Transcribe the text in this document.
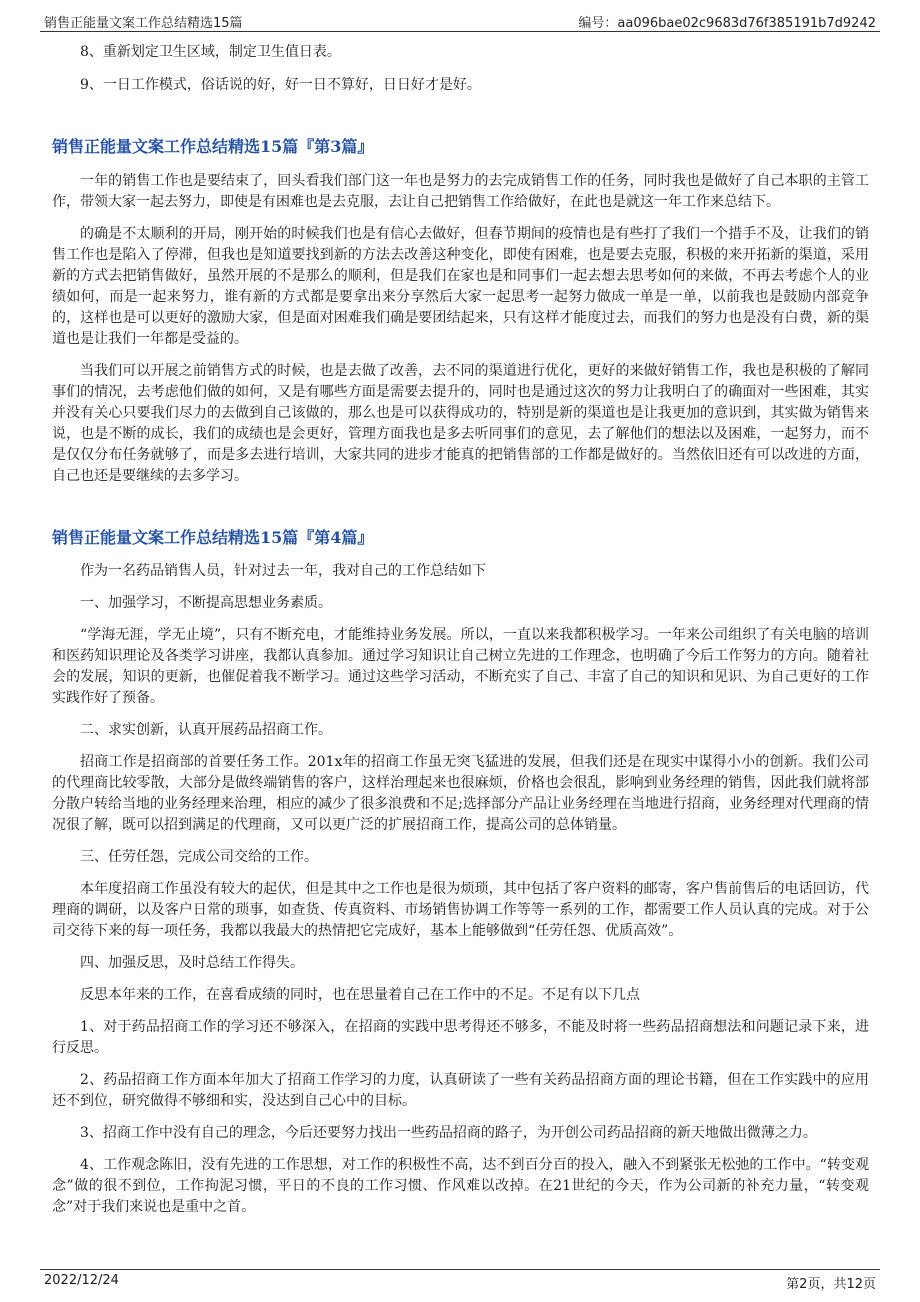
销售正能量文案工作总结精选15篇	编号：aa096bae02c9683d76f385191b7d9242

8、重新划定卫生区域，制定卫生值日表。

9、一日工作模式，俗话说的好，好一日不算好，日日好才是好。

销售正能量文案工作总结精选15篇『第3篇』

一年的销售工作也是要结束了，回头看我们部门这一年也是努力的去完成销售工作的任务，同时我也是做好了自己本职的主管工作，带领大家一起去努力，即使是有困难也是去克服，去让自己把销售工作给做好，在此也是就这一年工作来总结下。

的确是不太顺利的开局，刚开始的时候我们也是有信心去做好，但春节期间的疫情也是有些打了我们一个措手不及，让我们的销售工作也是陷入了停滞，但我也是知道要找到新的方法去改善这种变化，即使有困难，也是要去克服，积极的来开拓新的渠道，采用新的方式去把销售做好，虽然开展的不是那么的顺利，但是我们在家也是和同事们一起去想去思考如何的来做，不再去考虑个人的业绩如何，而是一起来努力，谁有新的方式都是要拿出来分享然后大家一起思考一起努力做成一单是一单，以前我也是鼓励内部竞争的，这样也是可以更好的激励大家，但是面对困难我们确是要团结起来，只有这样才能度过去，而我们的努力也是没有白费，新的渠道也是让我们一年都是受益的。

当我们可以开展之前销售方式的时候，也是去做了改善，去不同的渠道进行优化，更好的来做好销售工作，我也是积极的了解同事们的情况，去考虑他们做的如何，又是有哪些方面是需要去提升的，同时也是通过这次的努力让我明白了的确面对一些困难，其实并没有关心只要我们尽力的去做到自己该做的，那么也是可以获得成功的，特别是新的渠道也是让我更加的意识到，其实做为销售来说，也是不断的成长，我们的成绩也是会更好，管理方面我也是多去听同事们的意见，去了解他们的想法以及困难，一起努力，而不是仅仅分布任务就够了，而是多去进行培训，大家共同的进步才能真的把销售部的工作都是做好的。当然依旧还有可以改进的方面，自己也还是要继续的去多学习。

销售正能量文案工作总结精选15篇『第4篇』

作为一名药品销售人员，针对过去一年，我对自己的工作总结如下

一、加强学习，不断提高思想业务素质。

“学海无涯，学无止境”，只有不断充电，才能维持业务发展。所以，一直以来我都积极学习。一年来公司组织了有关电脑的培训和医药知识理论及各类学习讲座，我都认真参加。通过学习知识让自己树立先进的工作理念，也明确了今后工作努力的方向。随着社会的发展，知识的更新，也催促着我不断学习。通过这些学习活动，不断充实了自己、丰富了自己的知识和见识、为自己更好的工作实践作好了预备。

二、求实创新，认真开展药品招商工作。

招商工作是招商部的首要任务工作。201x年的招商工作虽无突飞猛进的发展，但我们还是在现实中谋得小小的创新。我们公司的代理商比较零散，大部分是做终端销售的客户，这样治理起来也很麻烦，价格也会很乱，影响到业务经理的销售，因此我们就将部分散户转给当地的业务经理来治理，相应的减少了很多浪费和不足;选择部分产品让业务经理在当地进行招商，业务经理对代理商的情况很了解，既可以招到满足的代理商，又可以更广泛的扩展招商工作，提高公司的总体销量。

三、任劳任怨，完成公司交给的工作。

本年度招商工作虽没有较大的起伏，但是其中之工作也是很为烦琐，其中包括了客户资料的邮寄，客户售前售后的电话回访，代理商的调研，以及客户日常的琐事，如查货、传真资料、市场销售协调工作等等一系列的工作，都需要工作人员认真的完成。对于公司交待下来的每一项任务，我都以我最大的热情把它完成好，基本上能够做到“任劳任怨、优质高效”。

四、加强反思，及时总结工作得失。

反思本年来的工作，在喜看成绩的同时，也在思量着自己在工作中的不足。不足有以下几点

1、对于药品招商工作的学习还不够深入，在招商的实践中思考得还不够多，不能及时将一些药品招商想法和问题记录下来，进行反思。

2、药品招商工作方面本年加大了招商工作学习的力度，认真研读了一些有关药品招商方面的理论书籍，但在工作实践中的应用还不到位，研究做得不够细和实，没达到自己心中的目标。

3、招商工作中没有自己的理念，今后还要努力找出一些药品招商的路子，为开创公司药品招商的新天地做出微薄之力。

4、工作观念陈旧，没有先进的工作思想，对工作的积极性不高，达不到百分百的投入，融入不到紧张无松弛的工作中。“转变观念”做的很不到位，工作拘泥习惯，平日的不良的工作习惯、作风难以改掉。在21世纪的今天，作为公司新的补充力量，“转变观念”对于我们来说也是重中之首。

2022/12/24	第2页，共12页
